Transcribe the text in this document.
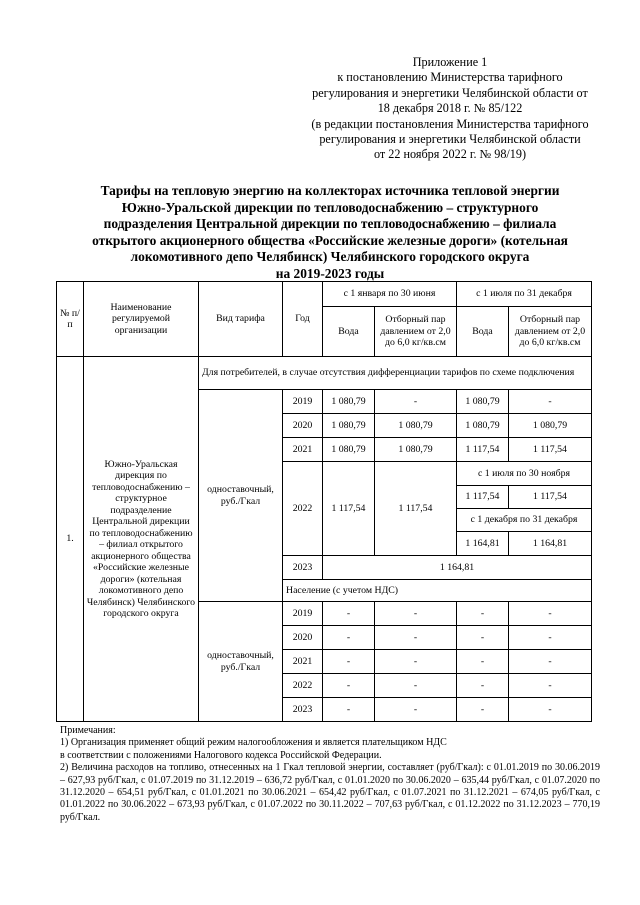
Приложение 1
к постановлению Министерства тарифного
регулирования и энергетики Челябинской области от
18 декабря 2018 г. № 85/122
(в редакции постановления Министерства тарифного
регулирования и энергетики Челябинской области
от 22 ноября 2022 г. № 98/19)
Тарифы на тепловую энергию на коллекторах источника тепловой энергии
Южно-Уральской дирекции по тепловодоснабжению – структурного
подразделения Центральной дирекции по тепловодоснабжению – филиала
открытого акционерного общества «Российские железные дороги» (котельная
локомотивного депо Челябинск) Челябинского городского округа
на 2019-2023 годы
№ п/п	Наименование регулируемой организации	Вид тарифа	Год	с 1 января по 30 июня		с 1 июля по 31 декабря	
				Вода	Отборный пар давлением от 2,0 до 6,0 кг/кв.см	Вода	Отборный пар давлением от 2,0 до 6,0 кг/кв.см
1.	Южно-Уральская дирекция по тепловодоснабжению – структурное подразделение Центральной дирекции по тепловодоснабжению – филиал открытого акционерного общества «Российские железные дороги» (котельная локомотивного депо Челябинск) Челябинского городского округа	Для потребителей, в случае отсутствия дифференциации тарифов по схеме подключения					
		одноставочный, руб./Гкал	2019	1 080,79	-	1 080,79	-
			2020	1 080,79	1 080,79	1 080,79	1 080,79
			2021	1 080,79	1 080,79	1 117,54	1 117,54
			2022	1 117,54	1 117,54	с 1 июля по 30 ноября	
						1 117,54	1 117,54
						с 1 декабря по 31 декабря	
						1 164,81	1 164,81
			2023	1 164,81			
			Население (с учетом НДС)				
		одноставочный, руб./Гкал	2019	-	-	-	-
			2020	-	-	-	-
			2021	-	-	-	-
			2022	-	-	-	-
			2023	-	-	-	-

Примечания:

1) Организация применяет общий режим налогообложения и является плательщиком НДС

в соответствии с положениями Налогового кодекса Российской Федерации.

2) Величина расходов на топливо, отнесенных на 1 Гкал тепловой энергии, составляет (руб/Гкал): с 01.01.2019 по 30.06.2019 – 627,93 руб/Гкал, с 01.07.2019 по 31.12.2019 – 636,72 руб/Гкал, с 01.01.2020 по 30.06.2020 – 635,44 руб/Гкал, с 01.07.2020 по 31.12.2020 – 654,51 руб/Гкал, с 01.01.2021 по 30.06.2021 – 654,42 руб/Гкал, с 01.07.2021 по 31.12.2021 – 674,05 руб/Гкал, с 01.01.2022 по 30.06.2022 – 673,93 руб/Гкал, с 01.07.2022 по 30.11.2022 – 707,63 руб/Гкал, с 01.12.2022 по 31.12.2023 – 770,19 руб/Гкал.
